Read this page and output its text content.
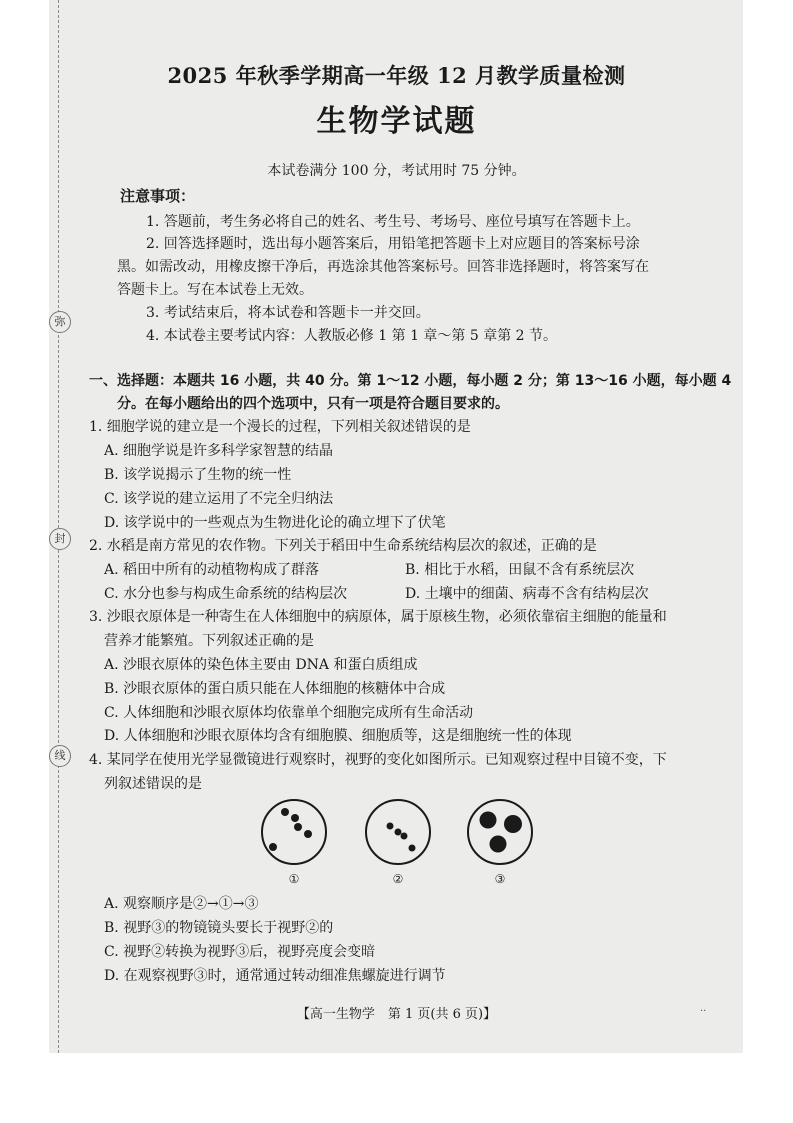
弥
封
线
2025 年秋季学期高一年级 12 月教学质量检测
生物学试题
本试卷满分 100 分，考试用时 75 分钟。
注意事项：
1. 答题前，考生务必将自己的姓名、考生号、考场号、座位号填写在答题卡上。
2. 回答选择题时，选出每小题答案后，用铅笔把答题卡上对应题目的答案标号涂
黑。如需改动，用橡皮擦干净后，再选涂其他答案标号。回答非选择题时，将答案写在
答题卡上。写在本试卷上无效。
3. 考试结束后，将本试卷和答题卡一并交回。
4. 本试卷主要考试内容：人教版必修 1 第 1 章～第 5 章第 2 节。
一、选择题：本题共 16 小题，共 40 分。第 1～12 小题，每小题 2 分；第 13～16 小题，每小题 4
分。在每小题给出的四个选项中，只有一项是符合题目要求的。
1. 细胞学说的建立是一个漫长的过程，下列相关叙述错误的是
A. 细胞学说是许多科学家智慧的结晶
B. 该学说揭示了生物的统一性
C. 该学说的建立运用了不完全归纳法
D. 该学说中的一些观点为生物进化论的确立埋下了伏笔
2. 水稻是南方常见的农作物。下列关于稻田中生命系统结构层次的叙述，正确的是
A. 稻田中所有的动植物构成了群落	B. 相比于水稻，田鼠不含有系统层次
C. 水分也参与构成生命系统的结构层次	D. 土壤中的细菌、病毒不含有结构层次
3. 沙眼衣原体是一种寄生在人体细胞中的病原体，属于原核生物，必须依靠宿主细胞的能量和
营养才能繁殖。下列叙述正确的是
A. 沙眼衣原体的染色体主要由 DNA 和蛋白质组成
B. 沙眼衣原体的蛋白质只能在人体细胞的核糖体中合成
C. 人体细胞和沙眼衣原体均依靠单个细胞完成所有生命活动
D. 人体细胞和沙眼衣原体均含有细胞膜、细胞质等，这是细胞统一性的体现
4. 某同学在使用光学显微镜进行观察时，视野的变化如图所示。已知观察过程中目镜不变，下
列叙述错误的是
①	②	③
A. 观察顺序是②→①→③
B. 视野③的物镜镜头要长于视野②的
C. 视野②转换为视野③后，视野亮度会变暗
D. 在观察视野③时，通常通过转动细准焦螺旋进行调节
【高一生物学　第 1 页(共 6 页)】	··
